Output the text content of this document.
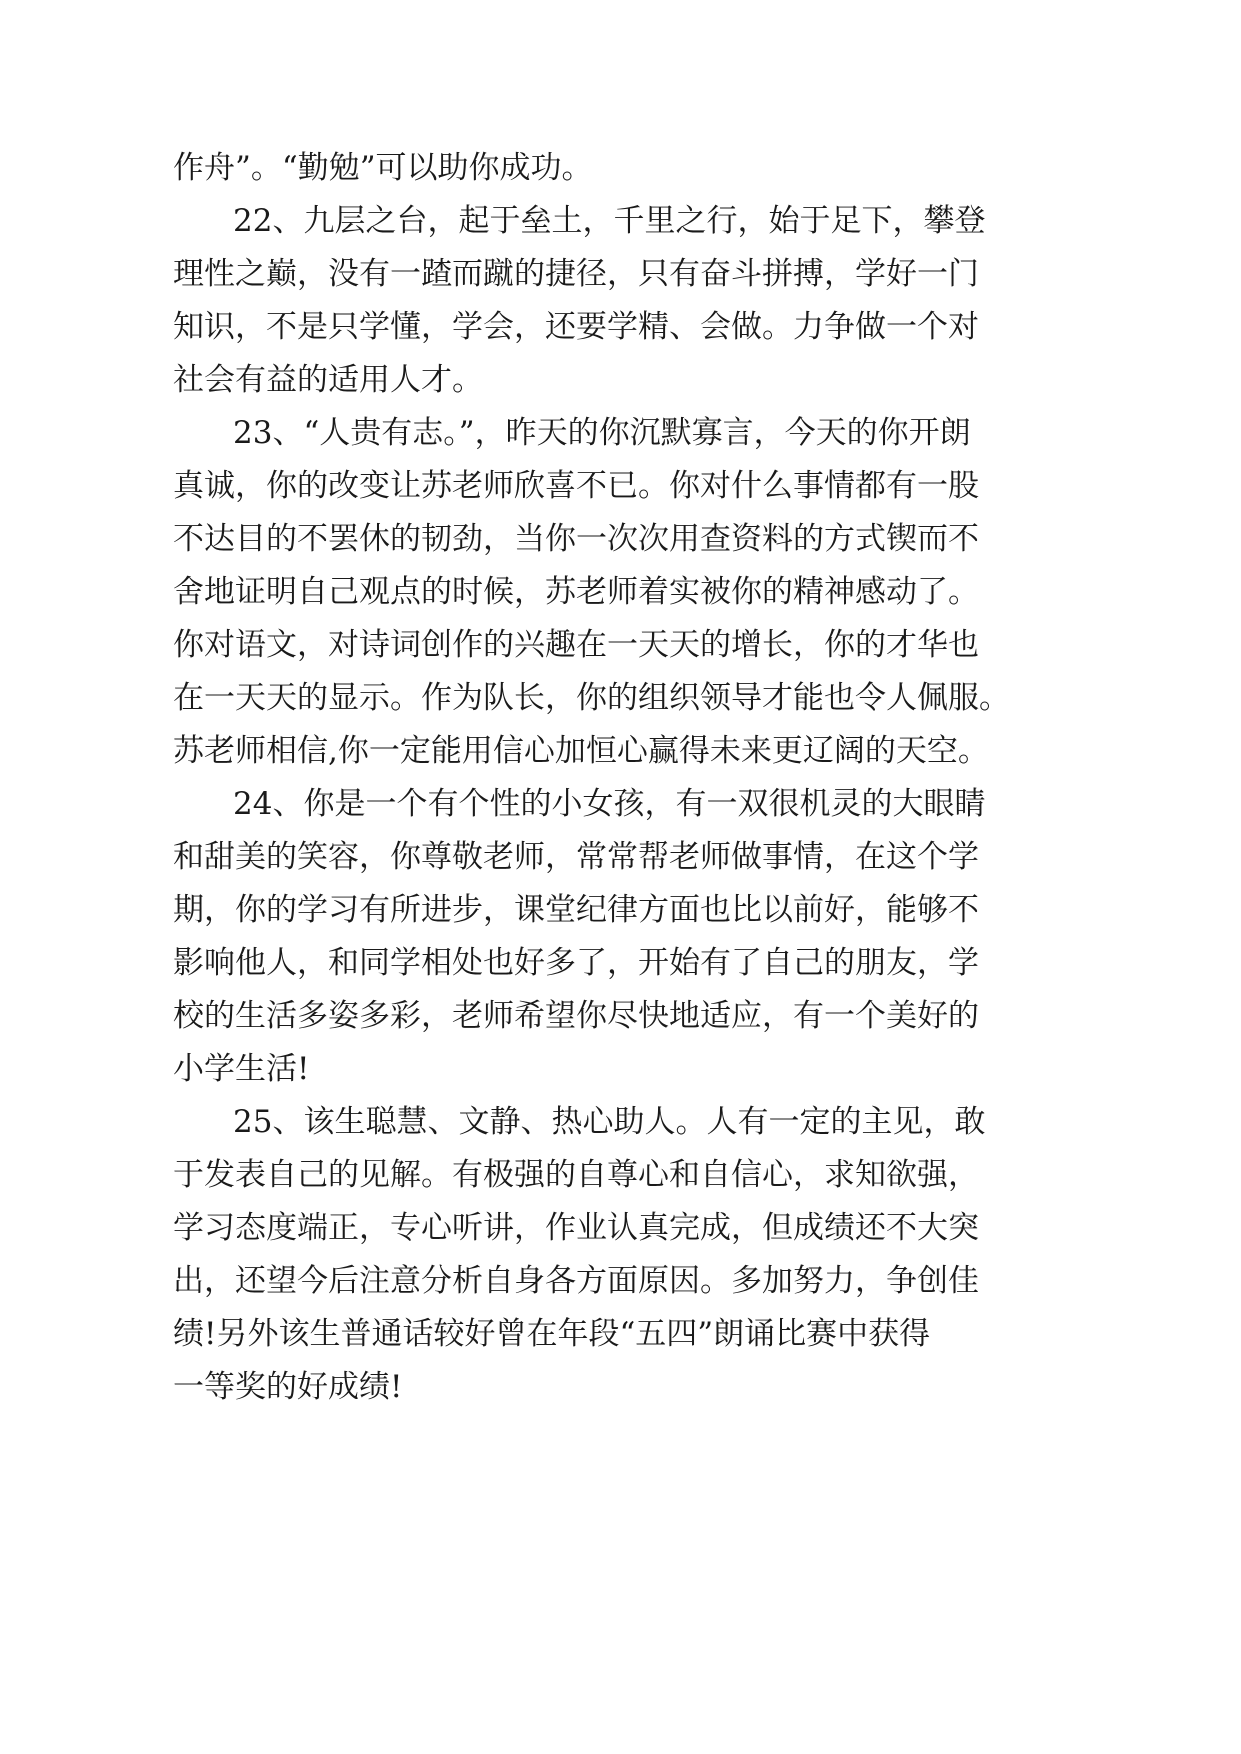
作舟”。“勤勉”可以助你成功。
22、九层之台，起于垒土，千里之行，始于足下，攀登
理性之巅，没有一蹅而蹴的捷径，只有奋斗拼搏，学好一门
知识，不是只学懂，学会，还要学精、会做。力争做一个对
社会有益的适用人才。
23、“人贵有志。”，昨天的你沉默寡言，今天的你开朗
真诚，你的改变让苏老师欣喜不已。你对什么事情都有一股
不达目的不罢休的韧劲，当你一次次用查资料的方式锲而不
舍地证明自己观点的时候，苏老师着实被你的精神感动了。
你对语文，对诗词创作的兴趣在一天天的增长，你的才华也
在一天天的显示。作为队长，你的组织领导才能也令人佩服。
苏老师相信,你一定能用信心加恒心赢得未来更辽阔的天空。
24、你是一个有个性的小女孩，有一双很机灵的大眼睛
和甜美的笑容，你尊敬老师，常常帮老师做事情，在这个学
期，你的学习有所进步，课堂纪律方面也比以前好，能够不
影响他人，和同学相处也好多了，开始有了自己的朋友，学
校的生活多姿多彩，老师希望你尽快地适应，有一个美好的
小学生活!
25、该生聪慧、文静、热心助人。人有一定的主见，敢
于发表自己的见解。有极强的自尊心和自信心，求知欲强，
学习态度端正，专心听讲，作业认真完成，但成绩还不大突
出，还望今后注意分析自身各方面原因。多加努力，争创佳
绩!另外该生普通话较好曾在年段“五四”朗诵比赛中获得
一等奖的好成绩!
